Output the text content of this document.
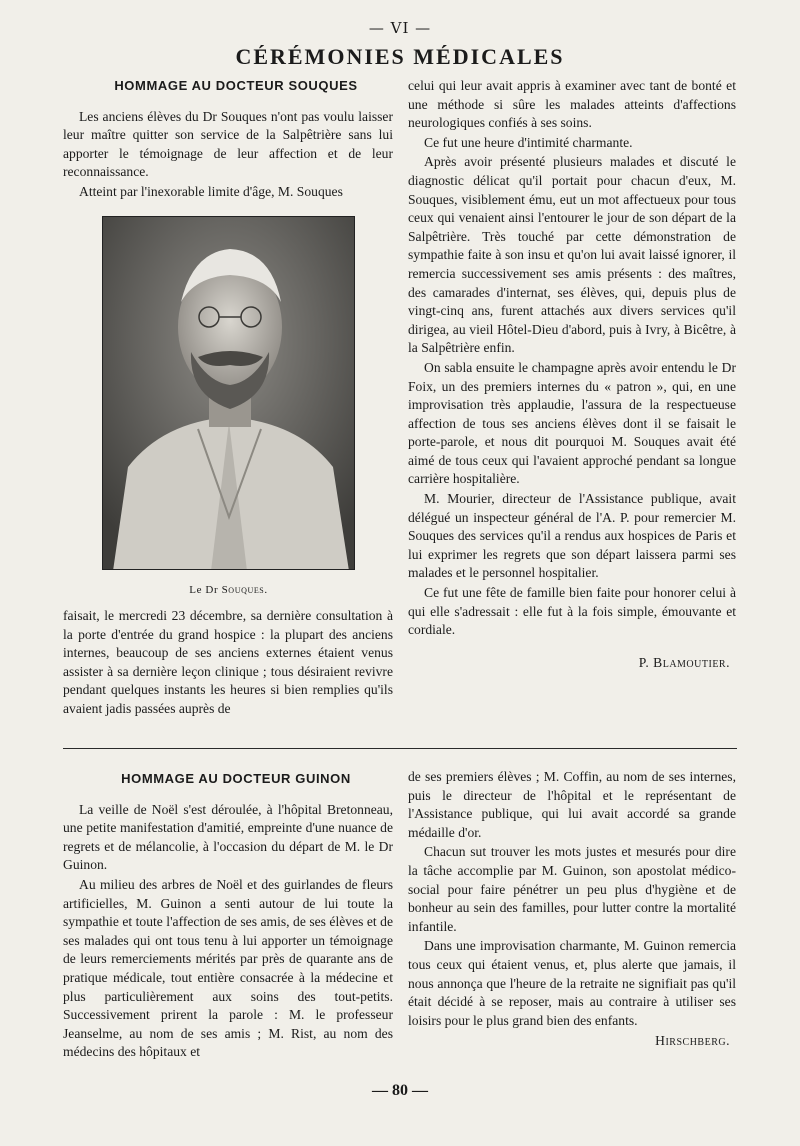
— VI —
CÉRÉMONIES MÉDICALES

HOMMAGE AU DOCTEUR SOUQUES

Les anciens élèves du Dr Souques n'ont pas voulu laisser leur maître quitter son service de la Salpêtrière sans lui apporter le témoignage de leur affection et de leur reconnaissance.

Atteint par l'inexorable limite d'âge, M. Souques

Le Dr Souques.

faisait, le mercredi 23 décembre, sa dernière consultation à la porte d'entrée du grand hospice : la plupart des anciens internes, beaucoup de ses anciens externes étaient venus assister à sa dernière leçon clinique ; tous désiraient revivre pendant quelques instants les heures si bien remplies qu'ils avaient jadis passées auprès de

celui qui leur avait appris à examiner avec tant de bonté et une méthode si sûre les malades atteints d'affections neurologiques confiés à ses soins.

Ce fut une heure d'intimité charmante.

Après avoir présenté plusieurs malades et discuté le diagnostic délicat qu'il portait pour chacun d'eux, M. Souques, visiblement ému, eut un mot affectueux pour tous ceux qui venaient ainsi l'entourer le jour de son départ de la Salpêtrière. Très touché par cette démonstration de sympathie faite à son insu et qu'on lui avait laissé ignorer, il remercia successivement ses amis présents : des maîtres, des camarades d'internat, ses élèves, qui, depuis plus de vingt-cinq ans, furent attachés aux divers services qu'il dirigea, au vieil Hôtel-Dieu d'abord, puis à Ivry, à Bicêtre, à la Salpêtrière enfin.

On sabla ensuite le champagne après avoir entendu le Dr Foix, un des premiers internes du « patron », qui, en une improvisation très applaudie, l'assura de la respectueuse affection de tous ses anciens élèves dont il se faisait le porte-parole, et nous dit pourquoi M. Souques avait été aimé de tous ceux qui l'avaient approché pendant sa longue carrière hospitalière.

M. Mourier, directeur de l'Assistance publique, avait délégué un inspecteur général de l'A. P. pour remercier M. Souques des services qu'il a rendus aux hospices de Paris et lui exprimer les regrets que son départ laissera parmi ses malades et le personnel hospitalier.

Ce fut une fête de famille bien faite pour honorer celui à qui elle s'adressait : elle fut à la fois simple, émouvante et cordiale.

P. Blamoutier.

HOMMAGE AU DOCTEUR GUINON

La veille de Noël s'est déroulée, à l'hôpital Bretonneau, une petite manifestation d'amitié, empreinte d'une nuance de regrets et de mélancolie, à l'occasion du départ de M. le Dr Guinon.

Au milieu des arbres de Noël et des guirlandes de fleurs artificielles, M. Guinon a senti autour de lui toute la sympathie et toute l'affection de ses amis, de ses élèves et de ses malades qui ont tous tenu à lui apporter un témoignage de leurs remerciements mérités par près de quarante ans de pratique médicale, tout entière consacrée à la médecine et plus particulièrement aux soins des tout-petits. Successivement prirent la parole : M. le professeur Jeanselme, au nom de ses amis ; M. Rist, au nom des médecins des hôpitaux et

de ses premiers élèves ; M. Coffin, au nom de ses internes, puis le directeur de l'hôpital et le représentant de l'Assistance publique, qui lui avait accordé sa grande médaille d'or.

Chacun sut trouver les mots justes et mesurés pour dire la tâche accomplie par M. Guinon, son apostolat médico-social pour faire pénétrer un peu plus d'hygiène et de bonheur au sein des familles, pour lutter contre la mortalité infantile.

Dans une improvisation charmante, M. Guinon remercia tous ceux qui étaient venus, et, plus alerte que jamais, il nous annonça que l'heure de la retraite ne signifiait pas qu'il était décidé à se reposer, mais au contraire à utiliser ses loisirs pour le plus grand bien des enfants.

Hirschberg.

— 80 —
